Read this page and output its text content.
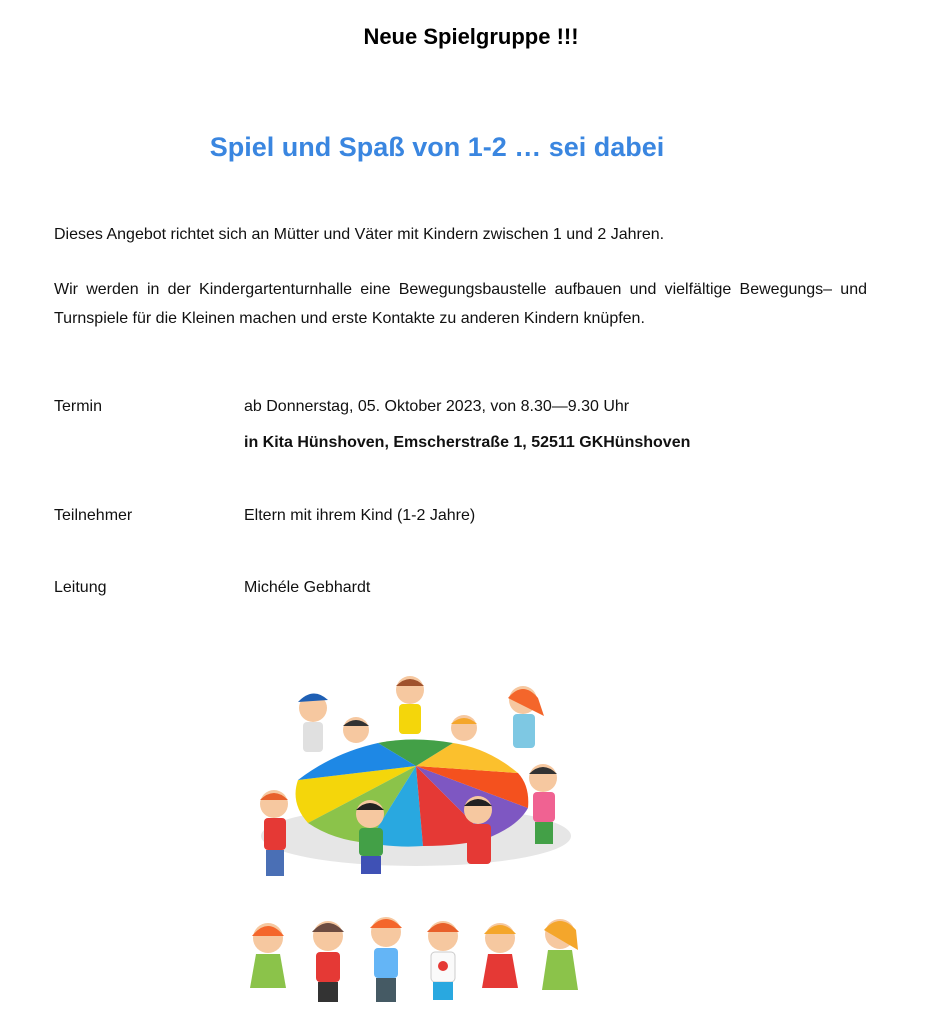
Neue Spielgruppe !!!
Spiel und Spaß von 1-2 … sei dabei
Dieses Angebot richtet sich an Mütter und Väter mit Kindern zwischen 1 und 2 Jahren.
Wir werden in der Kindergartenturnhalle eine Bewegungsbaustelle aufbauen und vielfältige Bewegungs– und Turnspiele für die Kleinen machen und erste Kontakte zu anderen Kindern knüpfen.
Termin	ab Donnerstag, 05. Oktober 2023, von 8.30—9.30 Uhr
in Kita Hünshoven, Emscherstraße 1, 52511 GKHünshoven
Teilnehmer	Eltern mit ihrem Kind (1-2 Jahre)
Leitung	Michéle Gebhardt
